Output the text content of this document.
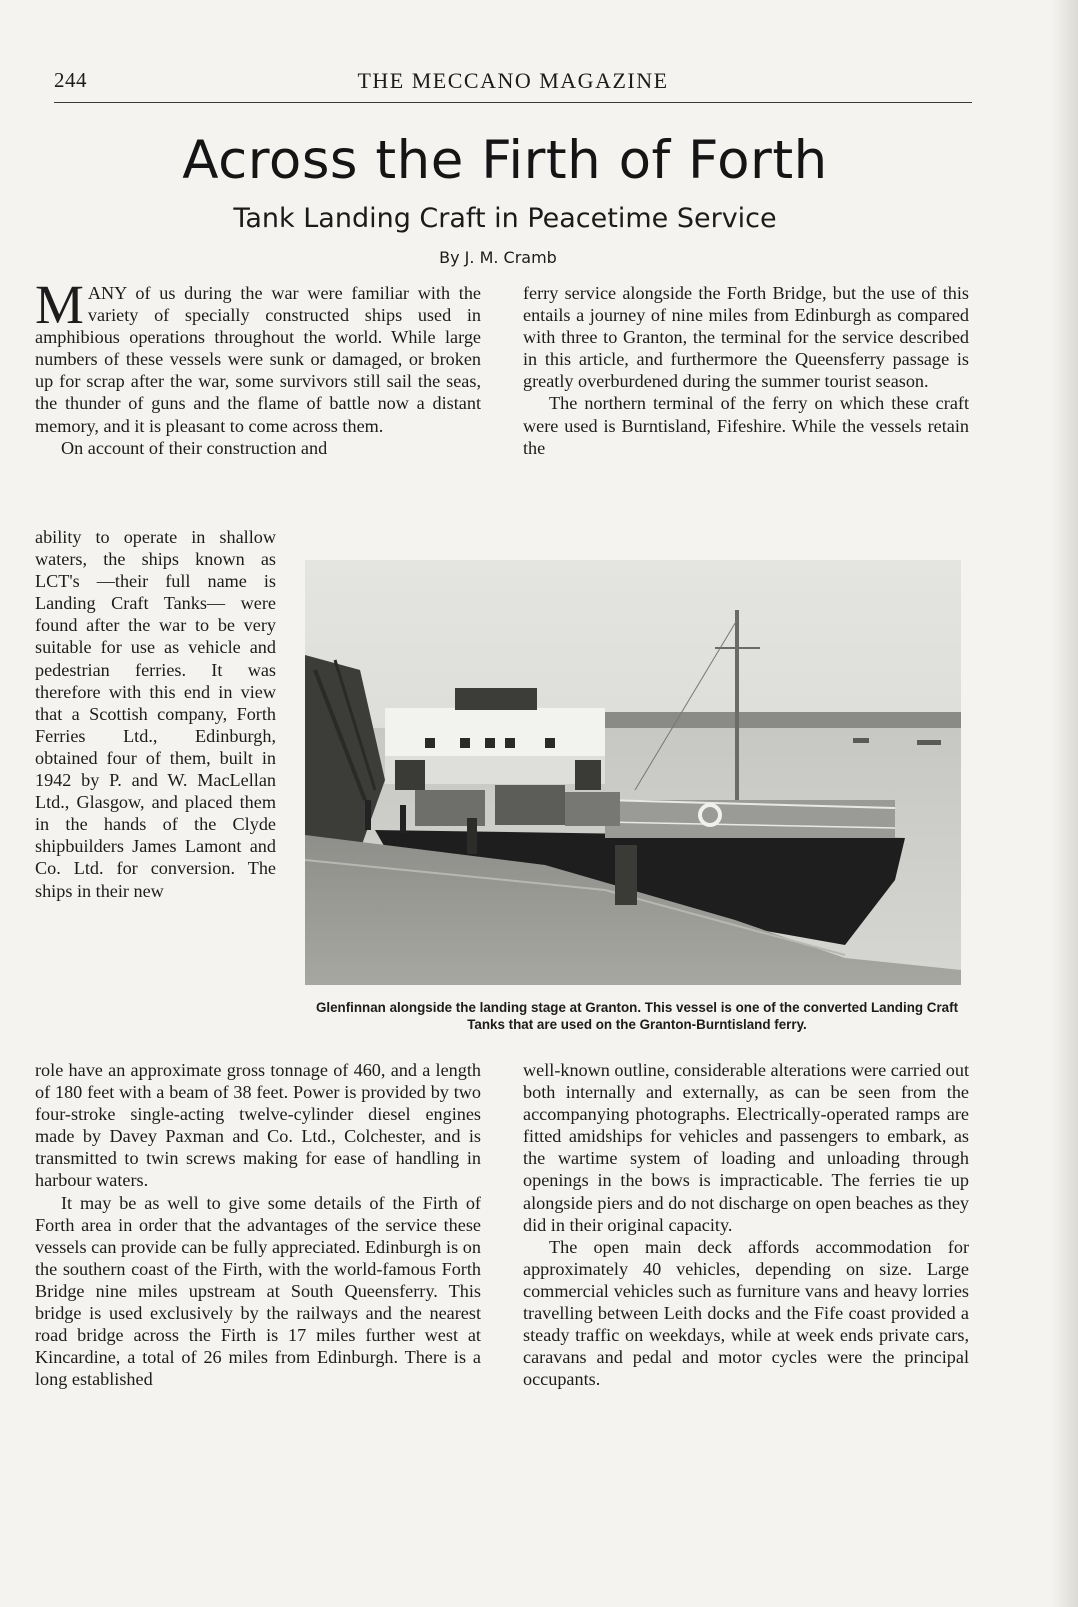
244	THE MECCANO MAGAZINE
Across the Firth of Forth
Tank Landing Craft in Peacetime Service
By J. M. Cramb

MANY of us during the war were familiar with the variety of specially constructed ships used in amphibious operations throughout the world. While large numbers of these vessels were sunk or damaged, or broken up for scrap after the war, some survivors still sail the seas, the thunder of guns and the flame of battle now a distant memory, and it is pleasant to come across them.

On account of their construction and

ability to operate in shallow waters, the ships known as LCT's —their full name is Landing Craft Tanks— were found after the war to be very suitable for use as vehicle and pedestrian ferries. It was therefore with this end in view that a Scottish company, Forth Ferries Ltd., Edinburgh, obtained four of them, built in 1942 by P. and W. MacLellan Ltd., Glasgow, and placed them in the hands of the Clyde shipbuilders James Lamont and Co. Ltd. for conversion. The ships in their new

role have an approximate gross tonnage of 460, and a length of 180 feet with a beam of 38 feet. Power is provided by two four-stroke single-acting twelve-cylinder diesel engines made by Davey Paxman and Co. Ltd., Colchester, and is transmitted to twin screws making for ease of handling in harbour waters.

It may be as well to give some details of the Firth of Forth area in order that the advantages of the service these vessels can provide can be fully appreciated. Edinburgh is on the southern coast of the Firth, with the world-famous Forth Bridge nine miles upstream at South Queensferry. This bridge is used exclusively by the railways and the nearest road bridge across the Firth is 17 miles further west at Kincardine, a total of 26 miles from Edinburgh. There is a long established

ferry service alongside the Forth Bridge, but the use of this entails a journey of nine miles from Edinburgh as compared with three to Granton, the terminal for the service described in this article, and furthermore the Queensferry passage is greatly overburdened during the summer tourist season.

The northern terminal of the ferry on which these craft were used is Burntisland, Fifeshire. While the vessels retain the

well-known outline, considerable alterations were carried out both internally and externally, as can be seen from the accompanying photographs. Electrically-operated ramps are fitted amidships for vehicles and passengers to embark, as the wartime system of loading and unloading through openings in the bows is impracticable. The ferries tie up alongside piers and do not discharge on open beaches as they did in their original capacity.

The open main deck affords accommodation for approximately 40 vehicles, depending on size. Large commercial vehicles such as furniture vans and heavy lorries travelling between Leith docks and the Fife coast provided a steady traffic on weekdays, while at week ends private cars, caravans and pedal and motor cycles were the principal occupants.

Glenfinnan alongside the landing stage at Granton. This vessel is one of the converted Landing Craft Tanks that are used on the Granton-Burntisland ferry.
